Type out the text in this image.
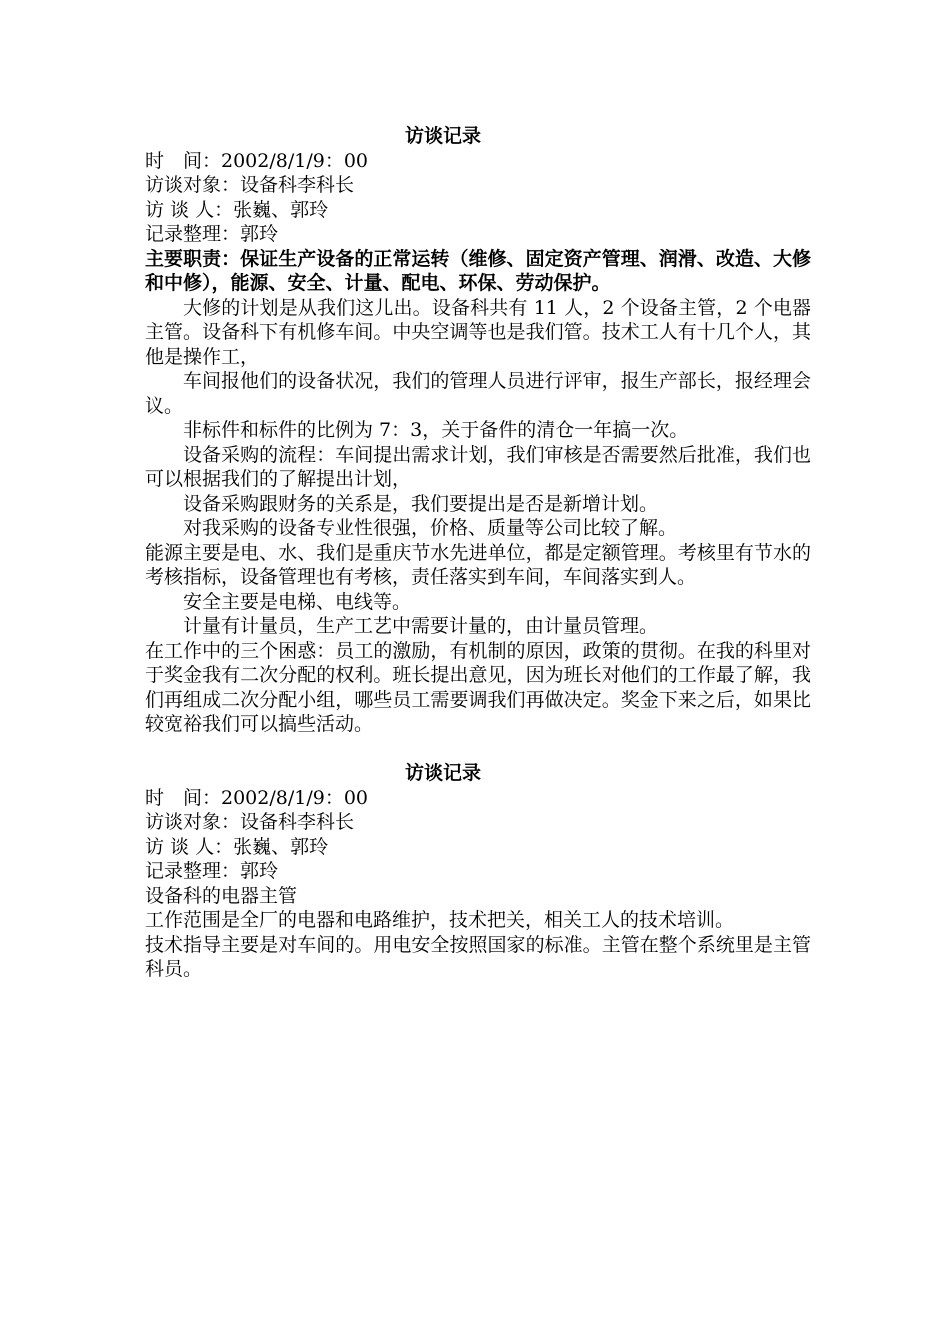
访谈记录
时　间：2002/8/1/9：00
访谈对象：设备科李科长
访 谈 人：张巍、郭玲
记录整理：郭玲
主要职责：保证生产设备的正常运转（维修、固定资产管理、润滑、改造、大修和中修），能源、安全、计量、配电、环保、劳动保护。
大修的计划是从我们这儿出。设备科共有 11 人，2 个设备主管，2 个电器主管。设备科下有机修车间。中央空调等也是我们管。技术工人有十几个人，其他是操作工，
车间报他们的设备状况，我们的管理人员进行评审，报生产部长，报经理会议。
非标件和标件的比例为 7：3，关于备件的清仓一年搞一次。
设备采购的流程：车间提出需求计划，我们审核是否需要然后批准，我们也可以根据我们的了解提出计划，
设备采购跟财务的关系是，我们要提出是否是新增计划。
对我采购的设备专业性很强，价格、质量等公司比较了解。
能源主要是电、水、我们是重庆节水先进单位，都是定额管理。考核里有节水的考核指标，设备管理也有考核，责任落实到车间，车间落实到人。
安全主要是电梯、电线等。
计量有计量员，生产工艺中需要计量的，由计量员管理。
在工作中的三个困惑：员工的激励，有机制的原因，政策的贯彻。在我的科里对于奖金我有二次分配的权利。班长提出意见，因为班长对他们的工作最了解，我们再组成二次分配小组，哪些员工需要调我们再做决定。奖金下来之后，如果比较宽裕我们可以搞些活动。
访谈记录
时　间：2002/8/1/9：00
访谈对象：设备科李科长
访 谈 人：张巍、郭玲
记录整理：郭玲
设备科的电器主管
工作范围是全厂的电器和电路维护，技术把关，相关工人的技术培训。
技术指导主要是对车间的。用电安全按照国家的标准。主管在整个系统里是主管科员。
